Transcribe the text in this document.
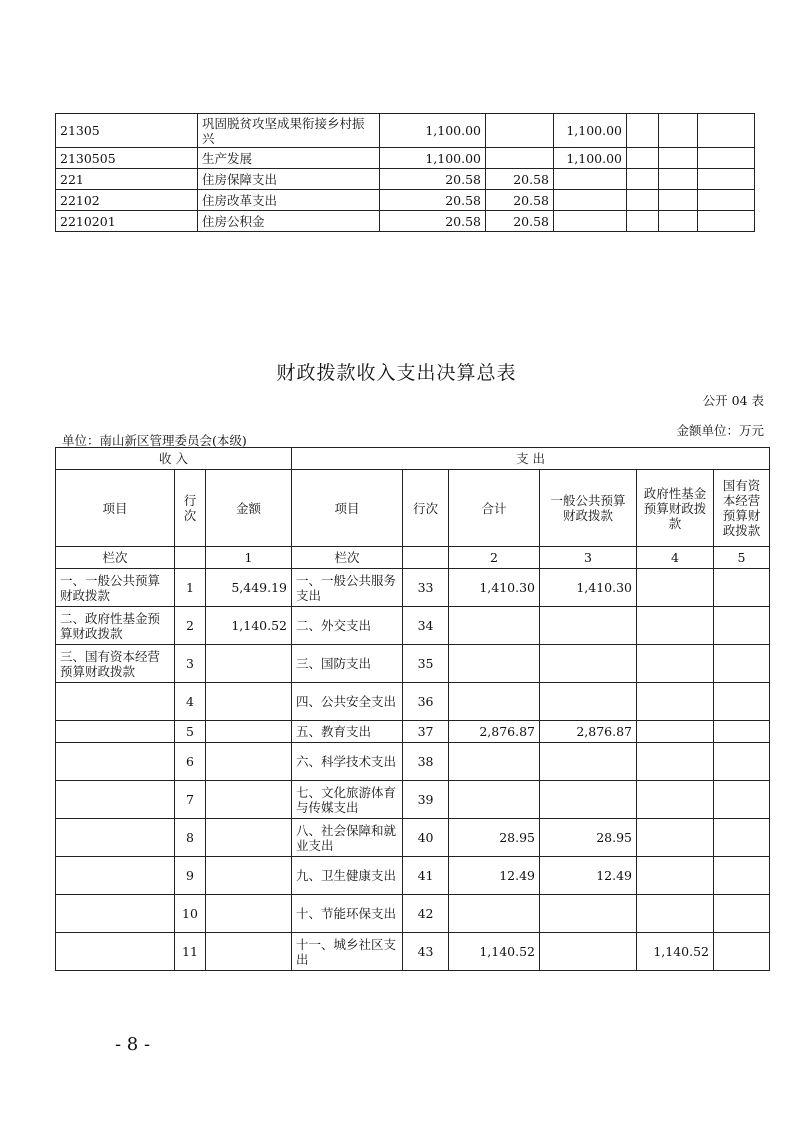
21305	巩固脱贫攻坚成果衔接乡村振兴	1,100.00		1,100.00			
2130505	生产发展	1,100.00		1,100.00			
221	住房保障支出	20.58	20.58				
22102	住房改革支出	20.58	20.58				
2210201	住房公积金	20.58	20.58				
财政拨款收入支出决算总表
公开 04 表
金额单位：万元
单位：南山新区管理委员会(本级)
收 入			支 出					
项目	行次	金额	项目	行次	合计	一般公共预算财政拨款	政府性基金预算财政拨款	国有资本经营预算财政拨款
栏次		1	栏次		2	3	4	5
一、一般公共预算财政拨款	1	5,449.19	一、一般公共服务支出	33	1,410.30	1,410.30		
二、政府性基金预算财政拨款	2	1,140.52	二、外交支出	34				
三、国有资本经营预算财政拨款	3		三、国防支出	35				
	4		四、公共安全支出	36				
	5		五、教育支出	37	2,876.87	2,876.87		
	6		六、科学技术支出	38				
	7		七、文化旅游体育与传媒支出	39				
	8		八、社会保障和就业支出	40	28.95	28.95		
	9		九、卫生健康支出	41	12.49	12.49		
	10		十、节能环保支出	42				
	11		十一、城乡社区支出	43	1,140.52		1,140.52	
- 8 -
